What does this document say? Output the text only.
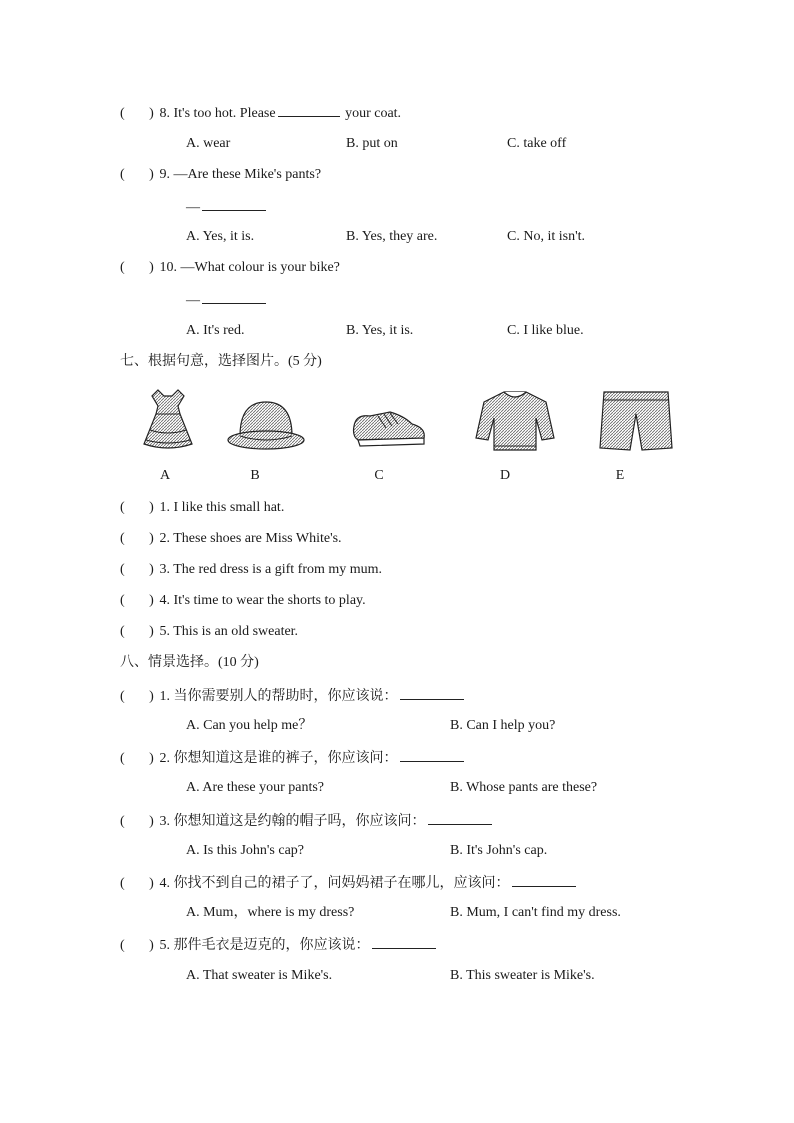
( ) 8. It's too hot. Please	your coat.
A. wear	B. put on	C. take off
( ) 9. —Are these Mike's pants?
—
A. Yes, it is.	B. Yes, they are.	C. No, it isn't.
( ) 10. —What colour is your bike?
—
A. It's red.	B. Yes, it is.	C. I like blue.
七、根据句意，选择图片。(5 分)
A	B	C	D	E
( ) 1. I like this small hat.
( ) 2. These shoes are Miss White's.
( ) 3. The red dress is a gift from my mum.
( ) 4. It's time to wear the shorts to play.
( ) 5. This is an old sweater.
八、情景选择。(10 分)
( ) 1. 当你需要别人的帮助时，你应该说：
A. Can you help me？	B. Can I help you?
( ) 2. 你想知道这是谁的裤子，你应该问：
A. Are these your pants?	B. Whose pants are these?
( ) 3. 你想知道这是约翰的帽子吗，你应该问：
A. Is this John's cap?	B. It's John's cap.
( ) 4. 你找不到自己的裙子了，问妈妈裙子在哪儿，应该问：
A. Mum，where is my dress?	B. Mum, I can't find my dress.
( ) 5. 那件毛衣是迈克的，你应该说：
A. That sweater is Mike's.	B. This sweater is Mike's.
